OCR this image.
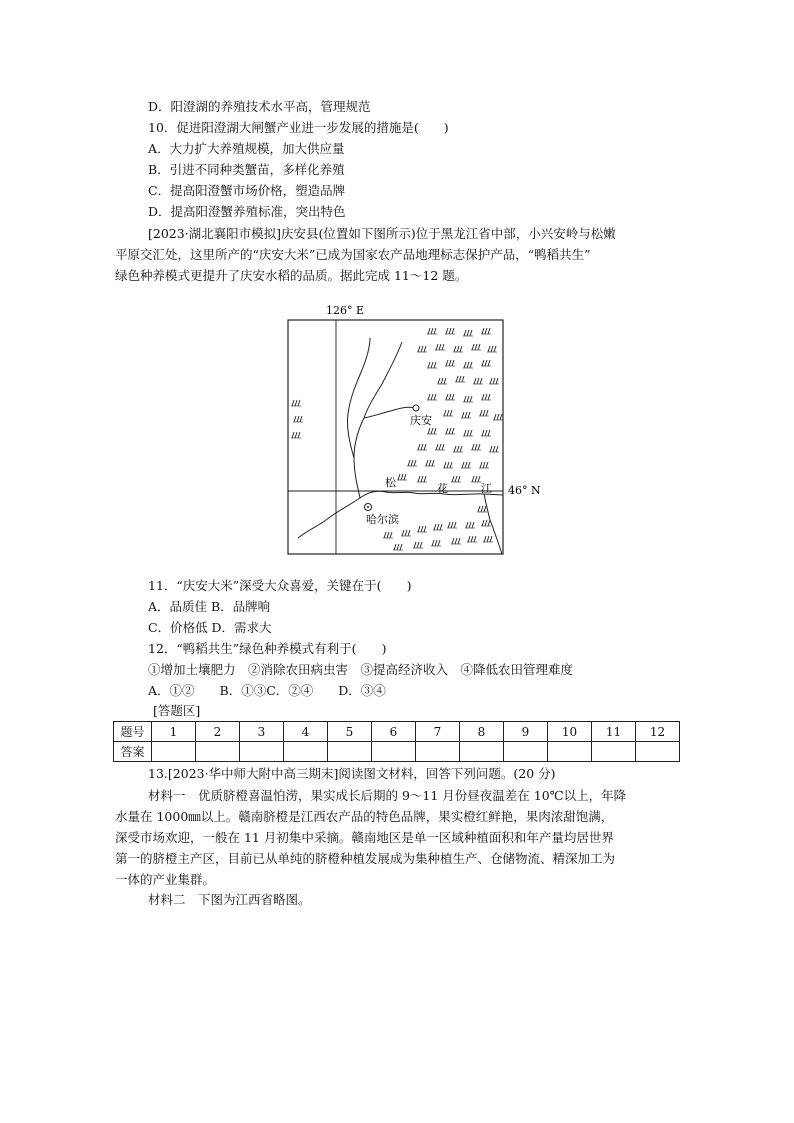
D．阳澄湖的养殖技术水平高，管理规范
10．促进阳澄湖大闸蟹产业进一步发展的措施是(　　)
A．大力扩大养殖规模，加大供应量
B．引进不同种类蟹苗，多样化养殖
C．提高阳澄蟹市场价格，塑造品牌
D．提高阳澄蟹养殖标准，突出特色

[2023·湖北襄阳市模拟]庆安县(位置如下图所示)位于黑龙江省中部，小兴安岭与松嫩

平原交汇处，这里所产的“庆安大米”已成为国家农产品地理标志保护产品，“鸭稻共生”

绿色种养模式更提升了庆安水稻的品质。据此完成 11～12 题。

126° E
46° N
庆安
哈尔滨
松	花	江
11．“庆安大米”深受大众喜爱，关键在于(　　)
A．品质佳 B．品牌响
C．价格低 D．需求大
12．“鸭稻共生”绿色种养模式有利于(　　)
①增加土壤肥力　②消除农田病虫害　③提高经济收入　④降低农田管理难度
A．①②　　B．①③C．②④　　D．③④
[答题区]
题号	1	2	3	4	5	6	7	8	9	10	11	12
答案												
13.[2023·华中师大附中高三期末]阅读图文材料，回答下列问题。(20 分)

材料一　优质脐橙喜温怕涝，果实成长后期的 9～11 月份昼夜温差在 10℃以上，年降

水量在 1000㎜以上。赣南脐橙是江西农产品的特色品牌，果实橙红鲜艳，果肉浓甜饱满，

深受市场欢迎，一般在 11 月初集中采摘。赣南地区是单一区域种植面积和年产量均居世界

第一的脐橙主产区，目前已从单纯的脐橙种植发展成为集种植生产、仓储物流、精深加工为

一体的产业集群。

材料二　下图为江西省略图。
